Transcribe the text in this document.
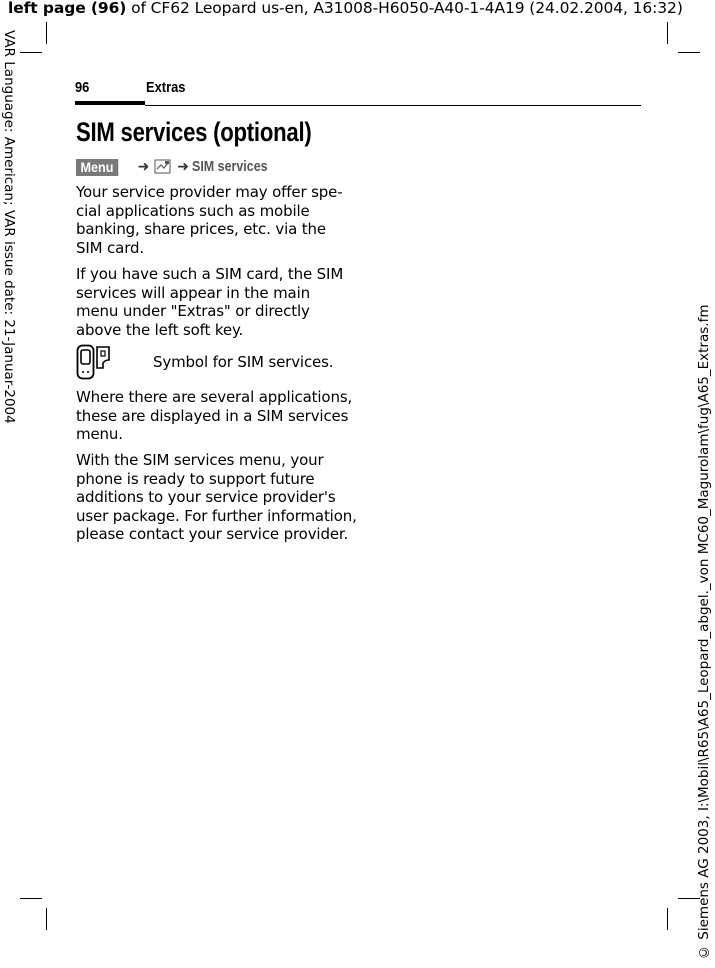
left page (96) of CF62 Leopard us-en, A31008-H6050-A40-1-4A19 (24.02.2004, 16:32)
VAR Language: American; VAR issue date: 21-Januar-2004
© Siemens AG 2003, I:\Mobil\R65\A65_Leopard_abgel._von MC60_Magurolam\fug\A65_Extras.fm
96	Extras
SIM services (optional)
Menu	➜ ➜ SIM services
Your service provider may offer spe-
cial applications such as mobile
banking, share prices, etc. via the
SIM card.
If you have such a SIM card, the SIM
services will appear in the main
menu under "Extras" or directly
above the left soft key.
Symbol for SIM services.
Where there are several applications,
these are displayed in a SIM services
menu.
With the SIM services menu, your
phone is ready to support future
additions to your service provider's
user package. For further information,
please contact your service provider.
